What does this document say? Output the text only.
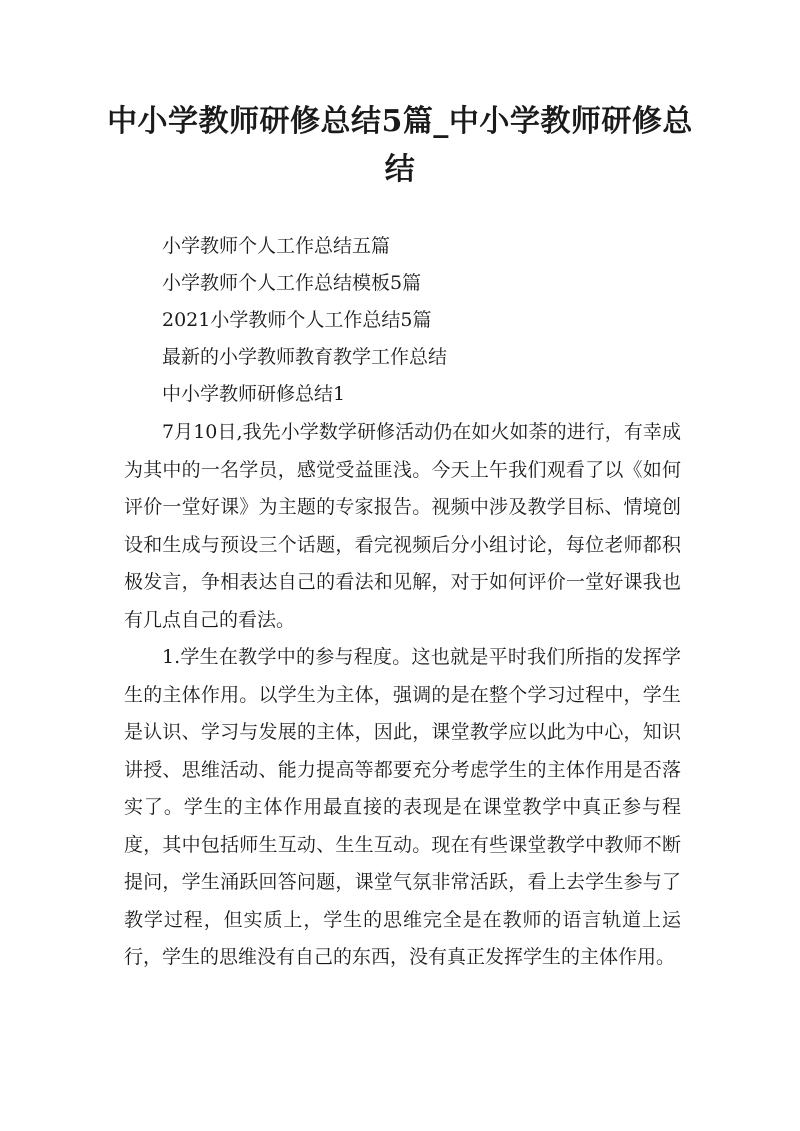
中小学教师研修总结5篇_中小学教师研修总结
小学教师个人工作总结五篇
小学教师个人工作总结模板5篇
2021小学教师个人工作总结5篇
最新的小学教师教育教学工作总结
中小学教师研修总结1

7月10日,我先小学数学研修活动仍在如火如荼的进行，有幸成为其中的一名学员，感觉受益匪浅。今天上午我们观看了以《如何评价一堂好课》为主题的专家报告。视频中涉及教学目标、情境创设和生成与预设三个话题，看完视频后分小组讨论，每位老师都积极发言，争相表达自己的看法和见解，对于如何评价一堂好课我也有几点自己的看法。

1.学生在教学中的参与程度。这也就是平时我们所指的发挥学生的主体作用。以学生为主体，强调的是在整个学习过程中，学生是认识、学习与发展的主体，因此，课堂教学应以此为中心，知识讲授、思维活动、能力提高等都要充分考虑学生的主体作用是否落实了。学生的主体作用最直接的表现是在课堂教学中真正参与程度，其中包括师生互动、生生互动。现在有些课堂教学中教师不断提问，学生涌跃回答问题，课堂气氛非常活跃，看上去学生参与了教学过程，但实质上，学生的思维完全是在教师的语言轨道上运行，学生的思维没有自己的东西，没有真正发挥学生的主体作用。
